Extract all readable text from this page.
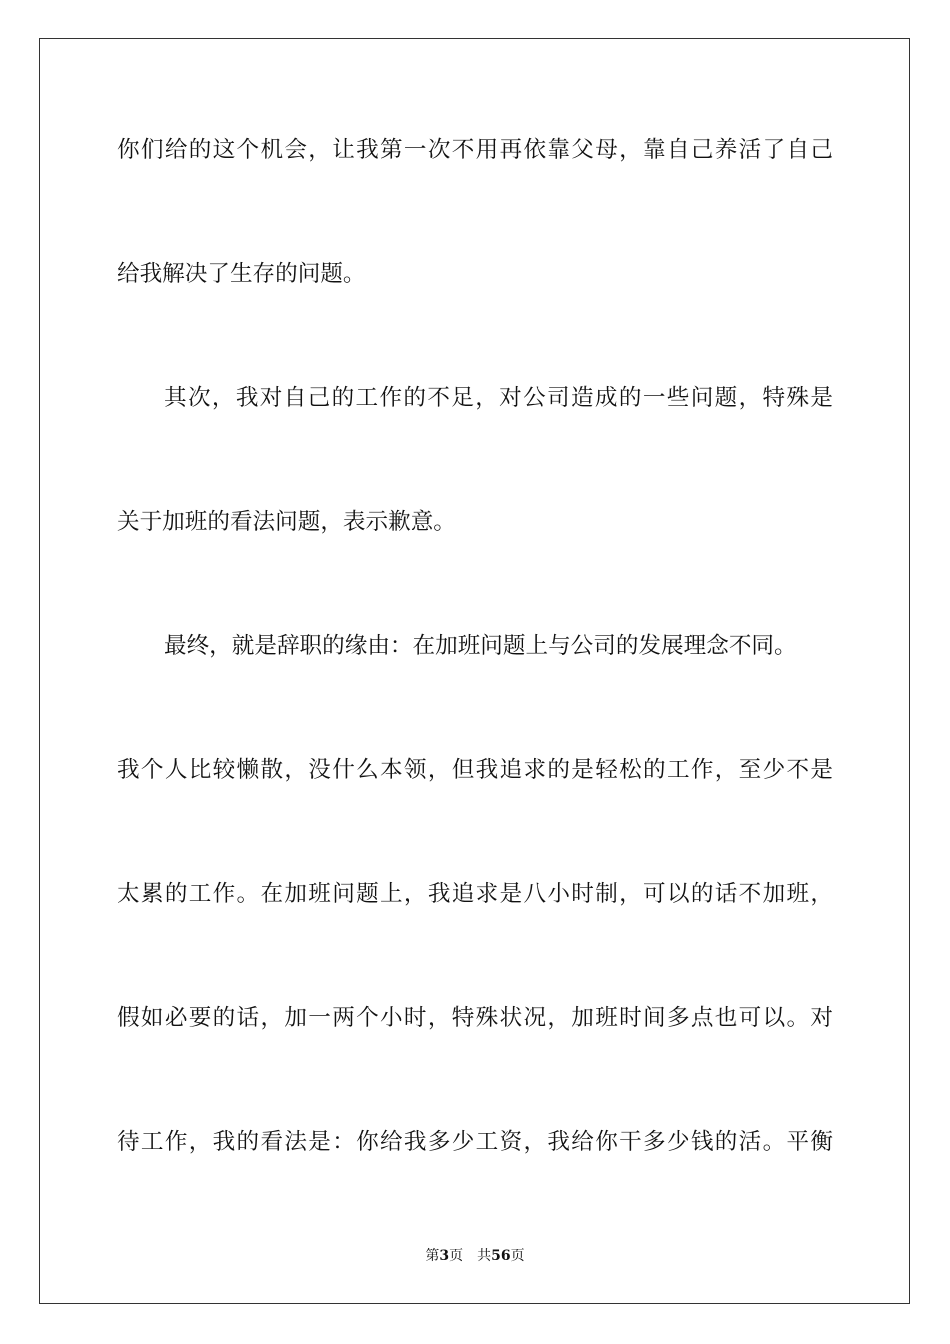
你们给的这个机会，让我第一次不用再依靠父母，靠自己养活了自己
给我解决了生存的问题。
其次，我对自己的工作的不足，对公司造成的一些问题，特殊是
关于加班的看法问题，表示歉意。
最终，就是辞职的缘由：在加班问题上与公司的发展理念不同。
我个人比较懒散，没什么本领，但我追求的是轻松的工作，至少不是
太累的工作。在加班问题上，我追求是八小时制，可以的话不加班，
假如必要的话，加一两个小时，特殊状况，加班时间多点也可以。对
待工作，我的看法是：你给我多少工资，我给你干多少钱的活。平衡
第3页 共56页
